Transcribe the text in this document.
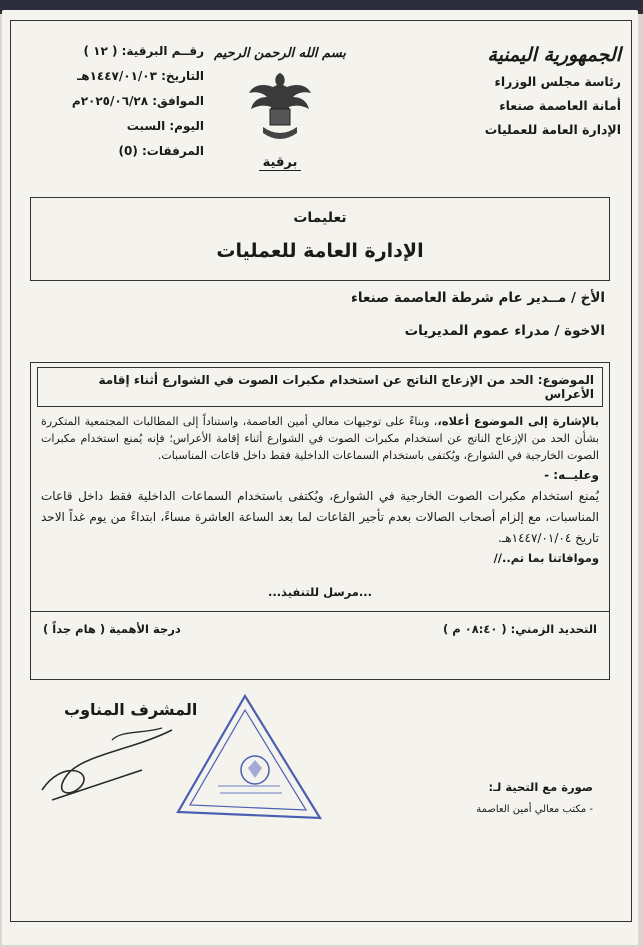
الجمهورية اليمنية
رئاسة مجلس الوزراء
أمانة العاصمة صنعاء
الإدارة العامة للعمليات
بسم الله الرحمن الرحيم
برقية
رقــم البرقية: ( ١٢ )
التاريخ: ١٤٤٧/٠١/٠٣هـ
الموافق: ٢٠٢٥/٠٦/٢٨م
اليوم: السبت
المرفقات: (0)
تعليمات
الإدارة العامة للعمليات
الأخ / مــدير عام شرطة العاصمة صنعاء
الاخوة / مدراء عموم المديريات
الموضوع: الحد من الإزعاج الناتج عن استخدام مكبرات الصوت في الشوارع أثناء إقامة الأعراس
بالإشارة إلى الموضوع أعلاه،، وبناءً على توجيهات معالي أمين العاصمة، واستناداً إلى المطالبات المجتمعية المتكررة بشأن الحد من الإزعاج الناتج عن استخدام مكبرات الصوت في الشوارع أثناء إقامة الأعراس؛ فإنه يُمنع استخدام مكبرات الصوت الخارجية في الشوارع، ويُكتفى باستخدام السماعات الداخلية فقط داخل قاعات المناسبات.
وعليــه: -
يُمنع استخدام مكبرات الصوت الخارجية في الشوارع، ويُكتفى باستخدام السماعات الداخلية فقط داخل قاعات المناسبات، مع إلزام أصحاب الصالات بعدم تأجير القاعات لما بعد الساعة العاشرة مساءً، ابتداءً من يوم غداً الاحد تاريخ ١٤٤٧/٠١/٠٤هـ.
وموافاتنا بما تم..//
...مرسل للتنفيذ...
التحديد الزمني: ( ٠٨:٤٠ م )
درجة الأهمية ( هام جداً )
المشرف المناوب
صورة مع التحية لـ:
- مكتب معالي أمين العاصمة
